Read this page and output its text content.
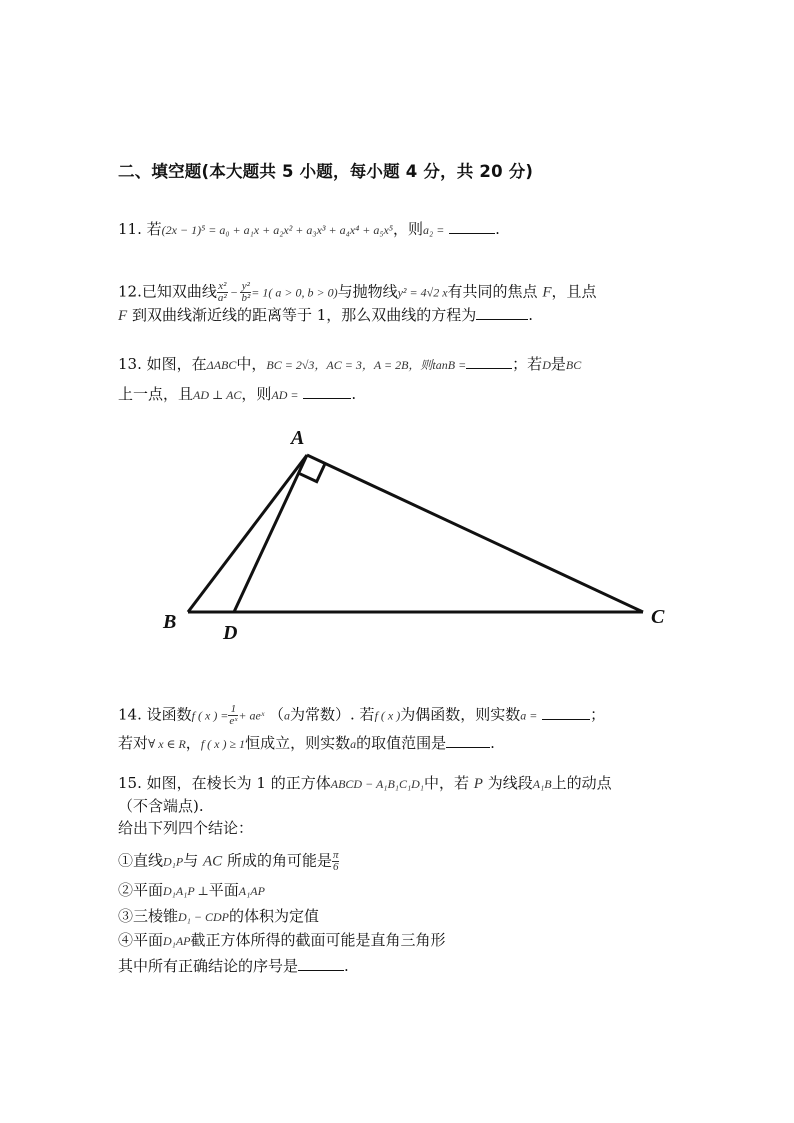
二、填空题(本大题共 5 小题，每小题 4 分，共 20 分)
11. 若(2x − 1)⁵ = a₀ + a₁x + a₂x² + a₃x³ + a₄x⁴ + a₅x⁵，则a₂ =	.
12.已知双曲线 $\frac{\text{x²}}{\text{a²}} - \frac{\text{y²}}{\text{b²}} = 1$( a > 0, b > 0)与抛物线y² = 4√2 x有共同的焦点 F，且点
F 到双曲线渐近线的距离等于 1，那么双曲线的方程为	.
13. 如图，在ΔABC中，BC = 2√3，AC = 3，A = 2B，则tanB =	；若D是BC
上一点，且AD ⊥ AC，则AD =	.
A
B	C
D
14. 设函数f ( x ) = $\frac{1}{\text{eˣ}}$ + aeˣ （a为常数）. 若f ( x )为偶函数，则实数a =	；
若对∀ x ∈ R，f ( x ) ≥ 1恒成立，则实数a的取值范围是	.
15. 如图，在棱长为 1 的正方体ABCD − A₁B₁C₁D₁中，若 P 为线段A₁B上的动点
（不含端点).
给出下列四个结论：
①直线D₁P与 AC 所成的角可能是 $\frac{\pi}{6}$
②平面D₁A₁P ⊥平面A₁AP
③三棱锥D₁ − CDP的体积为定值
④平面D₁AP截正方体所得的截面可能是直角三角形
其中所有正确结论的序号是	.
